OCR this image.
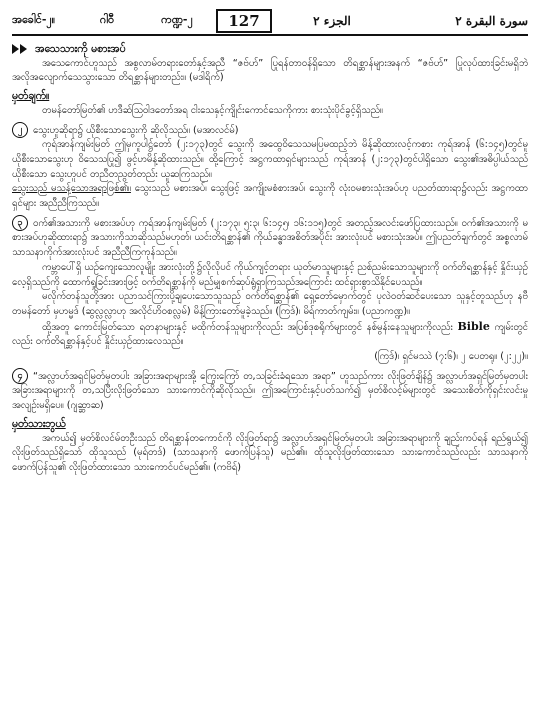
အခေါင်-၂။	ဂါဝီ	ကဏ္ဍ-၂	127	الجزء ٢	سورة البقرة ٢
အသေသားကို မစားအပ်

အသေကောင်ဟူသည် အစွလာမ်တရားတော်နှင့်အညီ “ဇဗ်ဟ်” ပြုရန်တာဝန်ရှိသော တိရစ္ဆာန်များအနက် “ဇဗ်ဟ်” ပြုလုပ်ထားခြင်းမရှိဘဲ အလိုအလျောက်သေသွားသော တိရစ္ဆာန်များတည်း။ (မဒါရိက်)

မှတ်ချက်။

တမန်တော်မြတ်၏ ဟဒီဆ်သြဝါဒတော်အရ ငါးသေနှင့်ကျိုင်းကောင်သေကိုကား စားသုံးပိုင်ခွင့်ရှိသည်။

၂ သွေးဟူဆိုရာ၌ ယိုစီးသောသွေးကို ဆိုလိုသည်။ (မအာလင်မ်)

ကုရ်အာန်ကျမ်းမြတ် ဤမှကူပါဋ္ဌ်တော် (၂:၁၇၃)တွင် သွေးကို အထွေဝိသေသမပြမထည့်ဘဲ မိန့်ဆိုထားလင့်ကစား ကုရ်အာန် (၆:၁၄၅)တွင်မူ ယိုစီးသောသွေးဟု ဝိသေသပြု၍ ဖွင့်ဟမိန့်ဆိုထားသည်။ ထို့ကြောင့် အဋ္ဌကထာရှင်များသည် ကုရ်အာန် (၂:၁၇၃)တွင်ပါရှိသော သွေး၏အဓိပ္ပါယ်သည် ယိုစီးသော သွေးဟူပင် တညီတညွတ်တည်း ယူဆကြသည်။

သွေးသည် မသန့်သောအရာဖြစ်၏။ သွေးသည် မစားအပ်၊ သွေးဖြင့် အကျိုးမစံစားအပ်၊ သွေးကို လုံးဝမစားသုံးအပ်ဟု ပညတ်ထားရာ၌လည်း အဋ္ဌကထာရှင်များ အညီညီကြသည်။

၃ ဝက်၏အသားကို မစားအပ်ဟု ကုရ်အာန်ကျမ်းမြတ် (၂:၁၇၃၊ ၅:၃၊ ၆:၁၄၅၊ ၁၆:၁၁၅)တွင် အတည့်အလင်းဖော်ပြထားသည်။ ဝက်၏အသားကို မစားအပ်ဟုဆိုထားရာ၌ အသားကိုသာဆိုသည်မဟုတ်၊ ယင်းတိရစ္ဆာန်၏ ကိုယ်ခန္ဓာအစိတ်အပိုင်း အားလုံးပင် မစားသုံးအပ်။ ဤပညတ်ချက်တွင် အစ္စလာမ်သာသနာကိုက်အားလုံးပင် အညီညီကြကုန်သည်။

ကမ္ဘာပေါ်ရှိ ယဉ်ကျေးသောလူမျိုး အားလုံးတို့၌လိုလိုပင် ကိုယ်ကျင့်တရား ယုတ်မာသူများနှင့် ညစ်ညမ်းသောသူများကို ဝက်တိရစ္ဆာန်နှင့် နှိုင်းယှဉ်လေ့ရှိသည်ကို ထောက်ရှုခြင်းအားဖြင့် ဝက်တိရစ္ဆာန်ကို မည်မျှစက်ဆုပ်ရွံရှာကြသည်အကြောင်း ထင်ရှားစွာသိနိုင်ပေသည်။

မလိုက်တန်သူတို့အား ပညာသင်ကြားပို့ချပေးသောသူသည် ဝက်တိရစ္ဆာန်၏ ရှေ့တော်မှောက်တွင် ပုလဲဝတ်ဆင်ပေးသော သူနှင့်တူသည်ဟု နဗီတမန်တော် မှဟမ္မဒ် (ဆွလ္လလ္လာဟု အလိုင်ဟိဝစလ္လမ်) မိန့်ကြားတော်မူခဲ့သည်။ (ကြဒ်)၊ မိရ်ကာတ်ကျမ်း။ (ပညာကဏ္ဍ)။

ထို့အတူ ကောင်းမြတ်သော ရတနာများနှင့် မထိုက်တန်သူများကိုလည်း အပြစ်ဒုစရိုက်များတွင် နစ်မွန်းနေသူများကိုလည်း Bible ကျမ်းတွင်လည်း ဝက်တိရစ္ဆာန်နှင့်ပင် နှိုင်းယှဉ်ထားလေသည်။

(ကြဒ်)၊ ရှင်မဿဲ (၇:၆)၊ ၂ ပေတရု။ (၂:၂၂)။

၄ “အလ္လာဟ်အရှင်မြတ်မှတပါး အခြားအရာများအို့ ကြွေးကြော် တ,သခြင်းခံရသော အရာ” ဟူသည်ကား လိုးဖြတ်ချိန်၌ အလ္လာဟ်အရှင်မြတ်မှတပါး အခြားအရာများကို တ,သပြီးလိုးဖြတ်သော သားကောင်ကိုဆိုလိုသည်။ ဤအကြောင်းနှင့်ပတ်သက်၍ မှတ်စိလင့်မ်များတွင် အသေးစိတ်ကိုရှင်းလင်းမှုအလျဉ်းမရှိပေ။ (ဂျဆ္ဆာဆ)

မှတ်သားဘွယ်

အကယ်၍ မှတ်စိလင်မ်တဦးသည် တိရစ္ဆာန်တကောင်ကို လိုးဖြတ်ရာ၌ အလ္လာဟ်အရှင်မြတ်မှတပါး အခြားအရာများကို ချည်းကပ်ရန် ရည်ရွယ်၍ လိုးဖြတ်သည်ရှိသော် ထိုသူသည် (မုရ်တဒ်) (သာသနာကို ဖောက်ပြန်သူ) မည်၏။ ထိုသူလိုးဖြတ်ထားသော သားကောင်သည်လည်း သာသနာကို ဖောက်ပြန်သူ၏ လိုးဖြတ်ထားသော သားကောင်ပင်မည်၏။ (ကဗိရ်)
